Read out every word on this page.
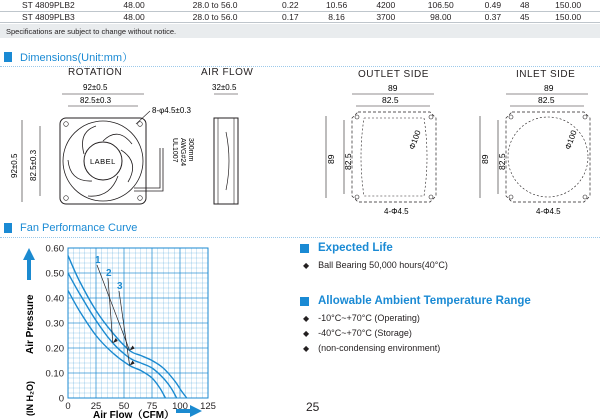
ST 4809PLB2	48.00	28.0 to 56.0	0.22	10.56	4200	106.50	0.49	48	150.00
ST 4809PLB3	48.00	28.0 to 56.0	0.17	8.16	3700	98.00	0.37	45	150.00
Specifications are subject to change without notice.
Dimensions(Unit:mm）
ROTATION	AIR FLOW	OUTLET SIDE	INLET SIDE
92±0.5
82.5±0.3
8-φ4.5±0.3
92±0.5 82.5±0.3	LABEL	UL1007 AWG#24 300mm
32±0.5	89
82.5
89 82.5
Φ100
4-Φ4.5
89
82.5
89 82.5
Φ100
4-Φ4.5
Fan Performance Curve
0 25 50 75 100 125
0
0.10
0.20
0.30
0.40
0.50
0.60
1
2
3
Air Pressure
(IN H₂O)	Air Flow（CFM）
Expected Life
◆ Ball Bearing 50,000 hours(40°C)
Allowable Ambient Temperature Range
◆ -10°C~+70°C (Operating)
◆ -40°C~+70°C (Storage)
◆ (non-condensing environment)
25
